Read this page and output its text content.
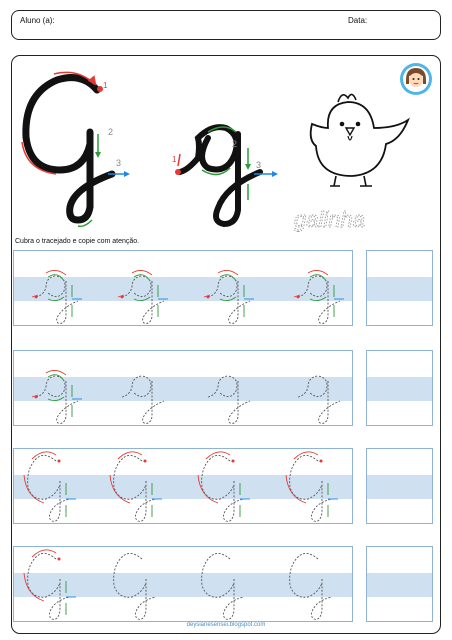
Aluno (a):	Data:
1
2
3	1
2
3
galinha
Cubra o tracejado e copie com atenção.
deysianesensei.blogspot.com
